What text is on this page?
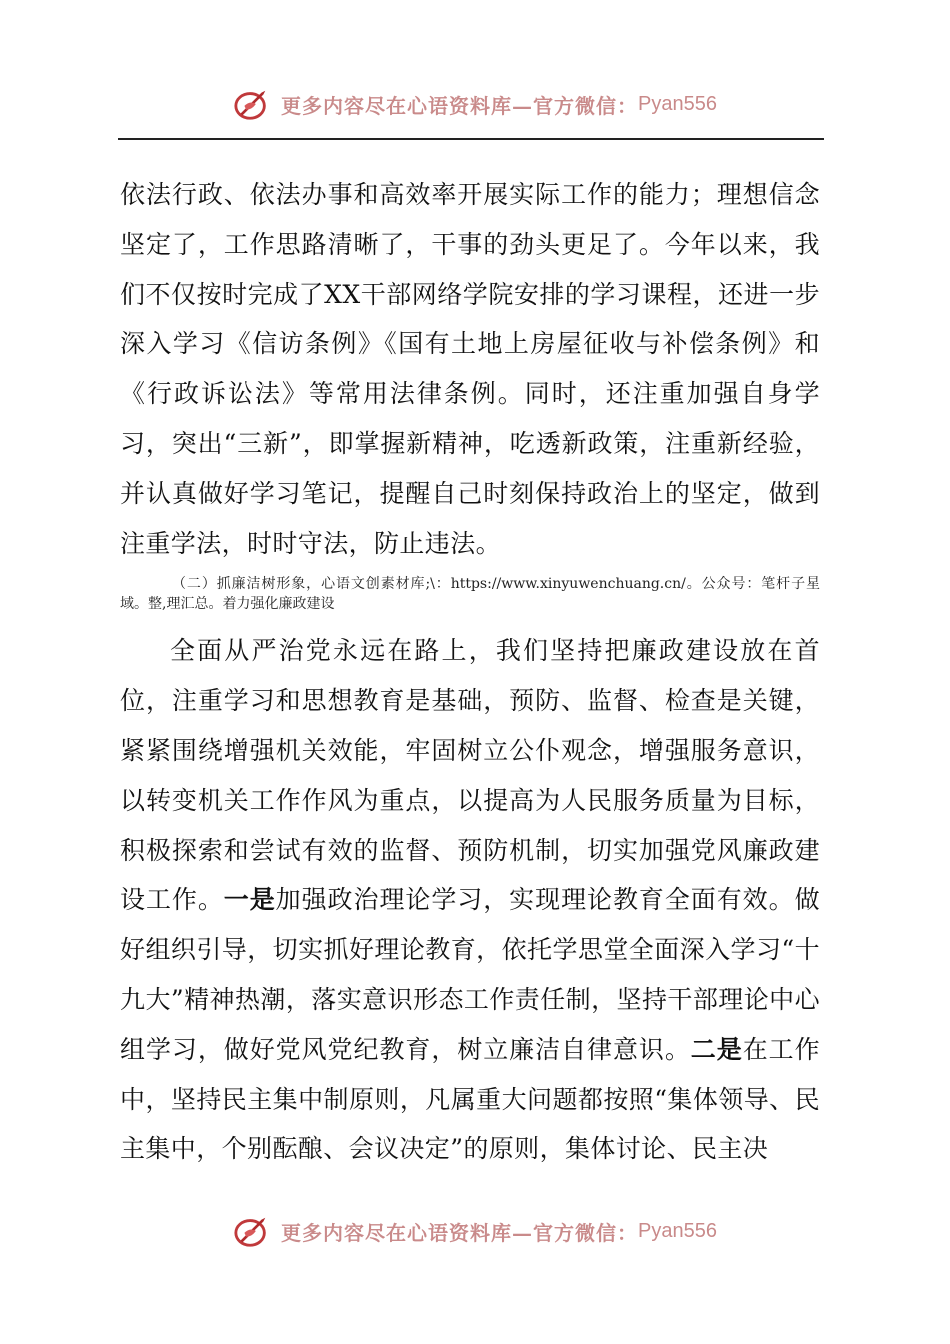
更多内容尽在心语资料库—官方微信： Pyan556

依法行政、依法办事和高效率开展实际工作的能力；理想信念坚定了，工作思路清晰了，干事的劲头更足了。今年以来，我们不仅按时完成了XX干部网络学院安排的学习课程，还进一步深入学习《信访条例》《国有土地上房屋征收与补偿条例》和《行政诉讼法》等常用法律条例。同时，还注重加强自身学习，突出“三新”，即掌握新精神，吃透新政策，注重新经验，并认真做好学习笔记，提醒自己时刻保持政治上的坚定，做到注重学法，时时守法，防止违法。

（二）抓廉洁树形象，心语文创素材库;\：https://www.xinyuwenchuang.cn/。公众号：笔杆子星域。整,理汇总。着力强化廉政建设

全面从严治党永远在路上，我们坚持把廉政建设放在首位，注重学习和思想教育是基础，预防、监督、检查是关键，紧紧围绕增强机关效能，牢固树立公仆观念，增强服务意识，以转变机关工作作风为重点，以提高为人民服务质量为目标，积极探索和尝试有效的监督、预防机制，切实加强党风廉政建设工作。一是加强政治理论学习，实现理论教育全面有效。做好组织引导，切实抓好理论教育，依托学思堂全面深入学习“十九大”精神热潮，落实意识形态工作责任制，坚持干部理论中心组学习，做好党风党纪教育，树立廉洁自律意识。二是在工作中，坚持民主集中制原则，凡属重大问题都按照“集体领导、民主集中，个别酝酿、会议决定”的原则，集体讨论、民主决

更多内容尽在心语资料库—官方微信： Pyan556
